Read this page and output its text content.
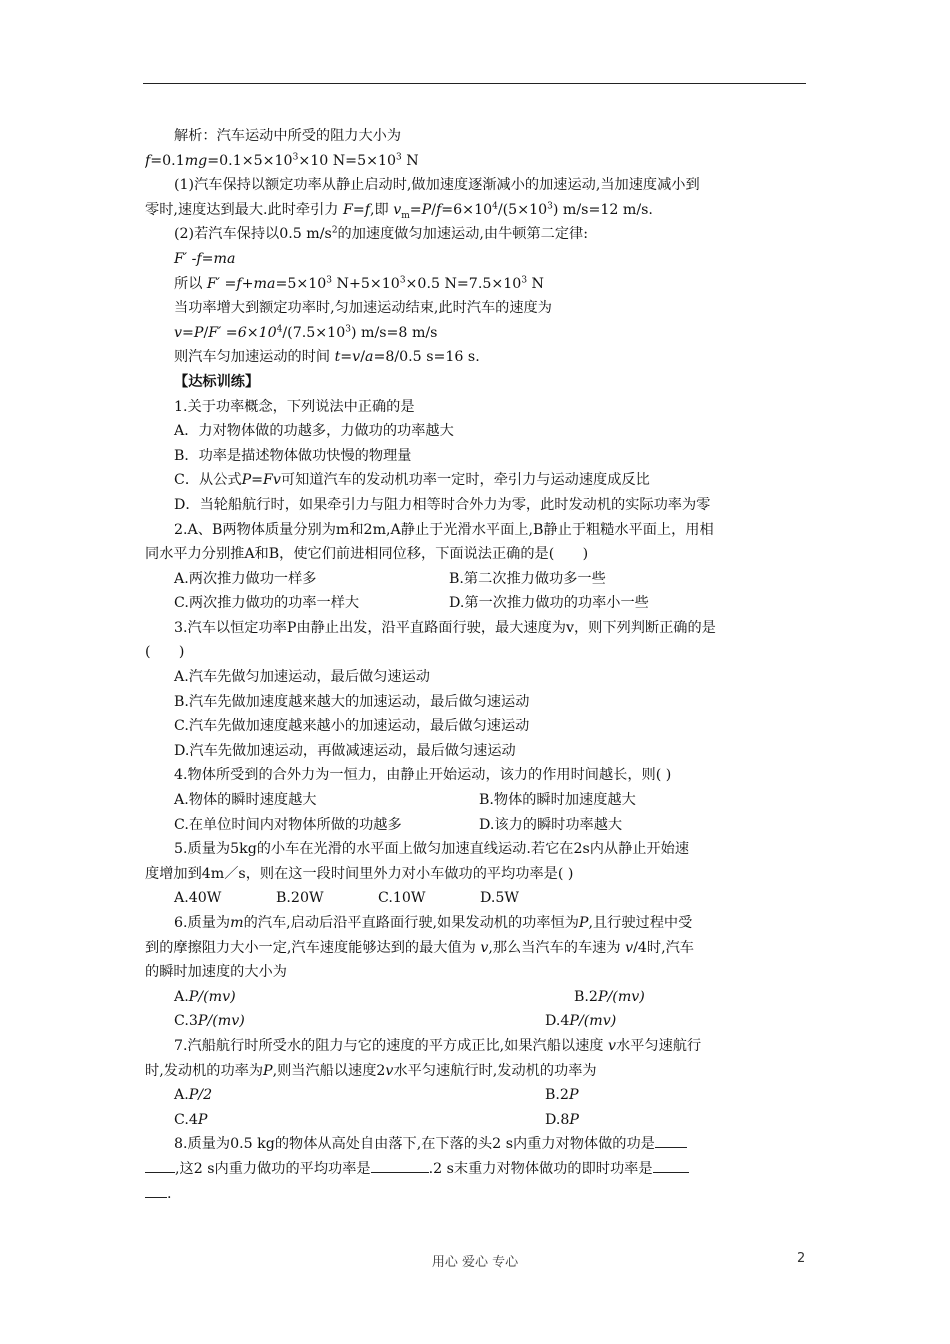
解析：汽车运动中所受的阻力大小为
$f=0.1mg=0.1\times 5\times 10^3\times 10$ $N=5\times 10^3$ N
(1)汽车保持以额定功率从静止启动时,做加速度逐渐减小的加速运动,当加速度减小到
零时,速度达到最大.此时牵引力 F=f,即 $v_m=P/f=6\times 10^4/(5\times 10^3)$ m/s=12 m/s.
(2)若汽车保持以0.5 $m/s^2$的加速度做匀加速运动,由牛顿第二定律:
F′ -f=ma
所以 $F' =f+ma=5\times 10^3$ $N+5\times 10^3\times 0.5$ $N=7.5\times 10^3$ N
当功率增大到额定功率时,匀加速运动结束,此时汽车的速度为
$v=P/F' =6\times 10^4/(7.5\times 10^3)$ m/s=8 m/s
则汽车匀加速运动的时间 t=v/a=8/0.5 s=16 s.
【达标训练】
1.关于功率概念，下列说法中正确的是
A．力对物体做的功越多，力做功的功率越大
B．功率是描述物体做功快慢的物理量
C．从公式P=Fv可知道汽车的发动机功率一定时，牵引力与运动速度成反比
D．当轮船航行时，如果牵引力与阻力相等时合外力为零，此时发动机的实际功率为零
2.A、B两物体质量分别为m和2m,A静止于光滑水平面上,B静止于粗糙水平面上，用相
同水平力分别推A和B，使它们前进相同位移，下面说法正确的是(　　)
A.两次推力做功一样多	B.第二次推力做功多一些
C.两次推力做功的功率一样大	D.第一次推力做功的功率小一些
3.汽车以恒定功率P由静止出发，沿平直路面行驶，最大速度为v，则下列判断正确的是
(　　)
A.汽车先做匀加速运动，最后做匀速运动
B.汽车先做加速度越来越大的加速运动，最后做匀速运动
C.汽车先做加速度越来越小的加速运动，最后做匀速运动
D.汽车先做加速运动，再做减速运动，最后做匀速运动
4.物体所受到的合外力为一恒力，由静止开始运动，该力的作用时间越长，则( )
A.物体的瞬时速度越大	B.物体的瞬时加速度越大
C.在单位时间内对物体所做的功越多	D.该力的瞬时功率越大
5.质量为5kg的小车在光滑的水平面上做匀加速直线运动.若它在2s内从静止开始速
度增加到4m／s，则在这一段时间里外力对小车做功的平均功率是( )
A.40W	B.20W	C.10W	D.5W
6.质量为m的汽车,启动后沿平直路面行驶,如果发动机的功率恒为P,且行驶过程中受
到的摩擦阻力大小一定,汽车速度能够达到的最大值为 v,那么当汽车的车速为 v/4时,汽车
的瞬时加速度的大小为
A.P/(mv)	B.2P/(mv)
C.3P/(mv)	D.4P/(mv)
7.汽船航行时所受水的阻力与它的速度的平方成正比,如果汽船以速度 v水平匀速航行
时,发动机的功率为P,则当汽船以速度2v水平匀速航行时,发动机的功率为
A.P/2	B.2P
C.4P	D.8P
8.质量为0.5 kg的物体从高处自由落下,在下落的头2 s内重力对物体做的功是
,这2 s内重力做功的平均功率是	.2 s末重力对物体做功的即时功率是
.
用心 爱心 专心	2
